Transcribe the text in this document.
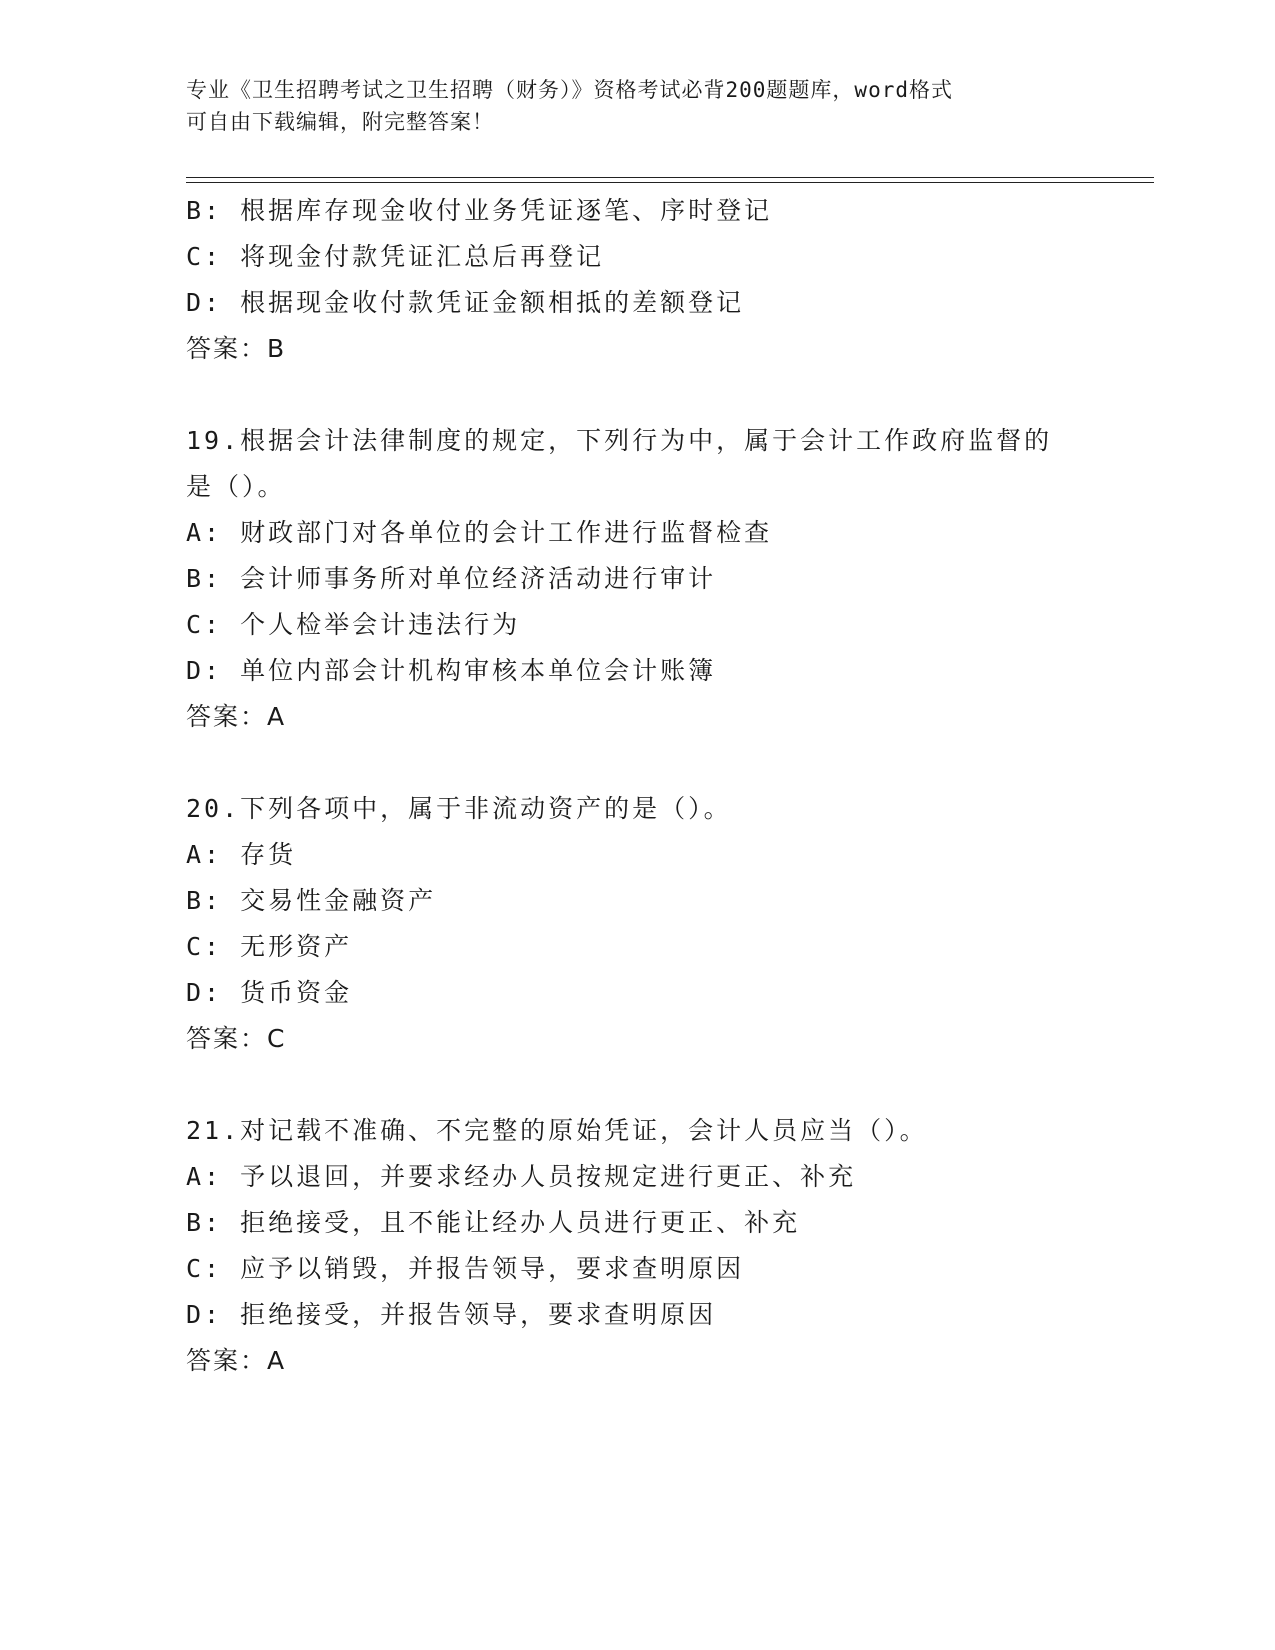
专业《卫生招聘考试之卫生招聘（财务）》资格考试必背200题题库，word格式
可自由下载编辑，附完整答案！
B: 根据库存现金收付业务凭证逐笔、序时登记
C: 将现金付款凭证汇总后再登记
D: 根据现金收付款凭证金额相抵的差额登记
答案：B
19.根据会计法律制度的规定，下列行为中，属于会计工作政府监督的
是（）。
A: 财政部门对各单位的会计工作进行监督检查
B: 会计师事务所对单位经济活动进行审计
C: 个人检举会计违法行为
D: 单位内部会计机构审核本单位会计账簿
答案：A
20.下列各项中，属于非流动资产的是（）。
A: 存货
B: 交易性金融资产
C: 无形资产
D: 货币资金
答案：C
21.对记载不准确、不完整的原始凭证，会计人员应当（）。
A: 予以退回，并要求经办人员按规定进行更正、补充
B: 拒绝接受，且不能让经办人员进行更正、补充
C: 应予以销毁，并报告领导，要求查明原因
D: 拒绝接受，并报告领导，要求查明原因
答案：A
